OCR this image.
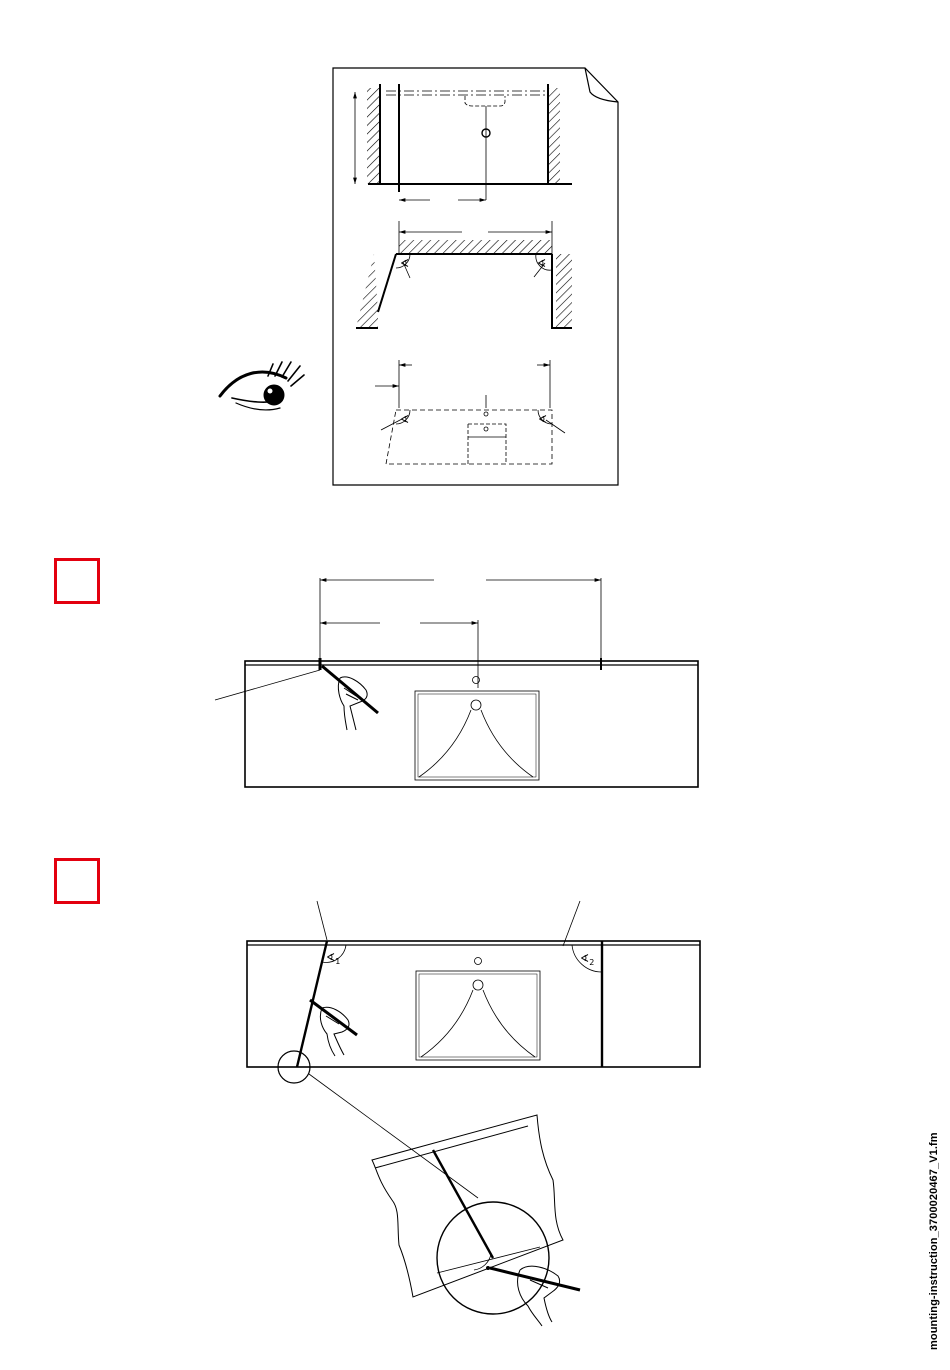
∢	∢
∢	∢
$∢_1$	$∢_2$
mounting-instruction_3700020467_V1.fm
